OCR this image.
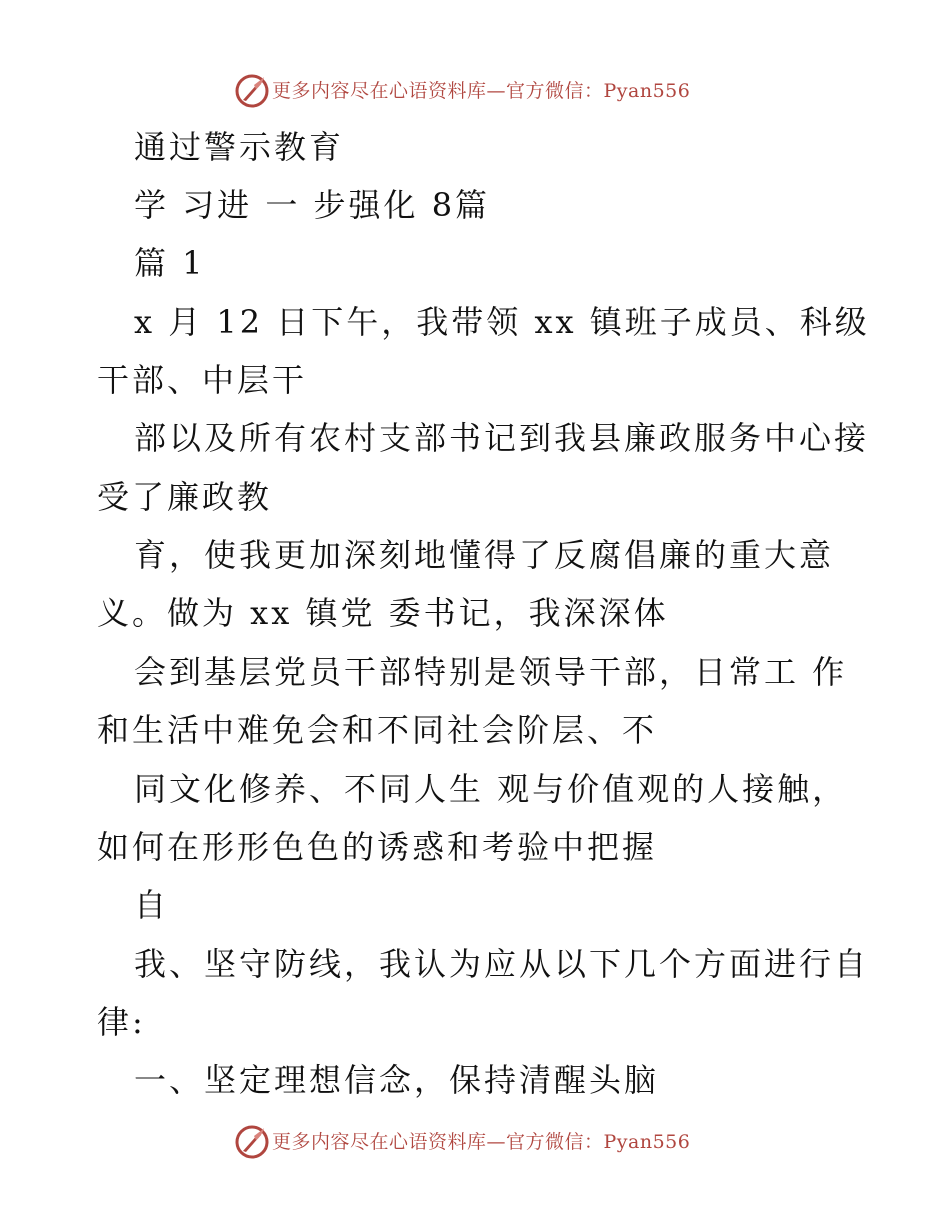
更多内容尽在心语资料库—官方微信：Pyan556
通过警示教育
学 习进 一 步强化 8篇
篇 1
x 月 12 日下午，我带领 xx 镇班子成员、科级
干部、中层干
部以及所有农村支部书记到我县廉政服务中心接
受了廉政教
育，使我更加深刻地懂得了反腐倡廉的重大意
义。做为 xx 镇党 委书记，我深深体
会到基层党员干部特别是领导干部，日常工 作
和生活中难免会和不同社会阶层、不
同文化修养、不同人生 观与价值观的人接触，
如何在形形色色的诱惑和考验中把握
自
我、坚守防线，我认为应从以下几个方面进行自
律:
一、坚定理想信念，保持清醒头脑
更多内容尽在心语资料库—官方微信：Pyan556
